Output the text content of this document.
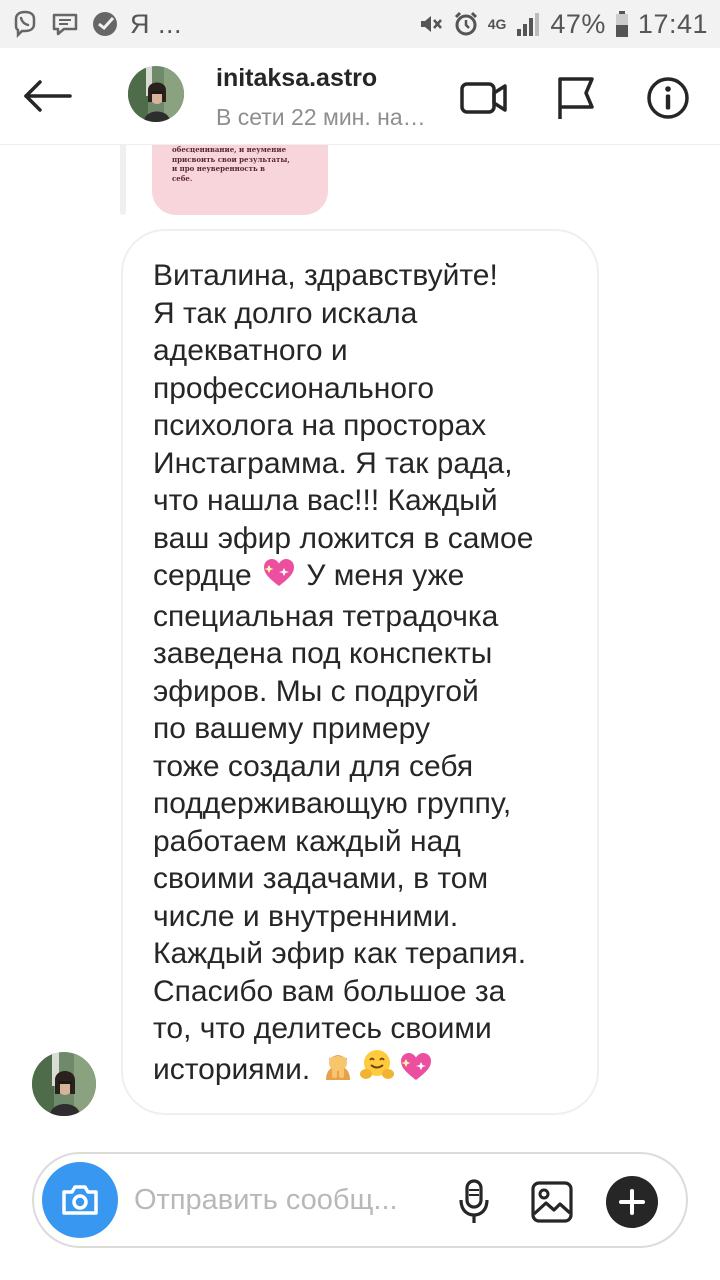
Я ...	4G 47% 17:41
initaksa.astro
В сети 22 мин. на…
обесценивание, и неумение
присвоить свои результаты,
и про неуверенность в
себе.
Виталина, здравствуйте!
Я так долго искала
адекватного и
профессионального
психолога на просторах
Инстаграмма. Я так рада,
что нашла вас!!! Каждый
ваш эфир ложится в самое
сердце У меня уже
специальная тетрадочка
заведена под конспекты
эфиров. Мы с подругой
по вашему примеру
тоже создали для себя
поддерживающую группу,
работаем каждый над
своими задачами, в том
числе и внутренними.
Каждый эфир как терапия.
Спасибо вам большое за
то, что делитесь своими
историями.
Отправить сообщ...
